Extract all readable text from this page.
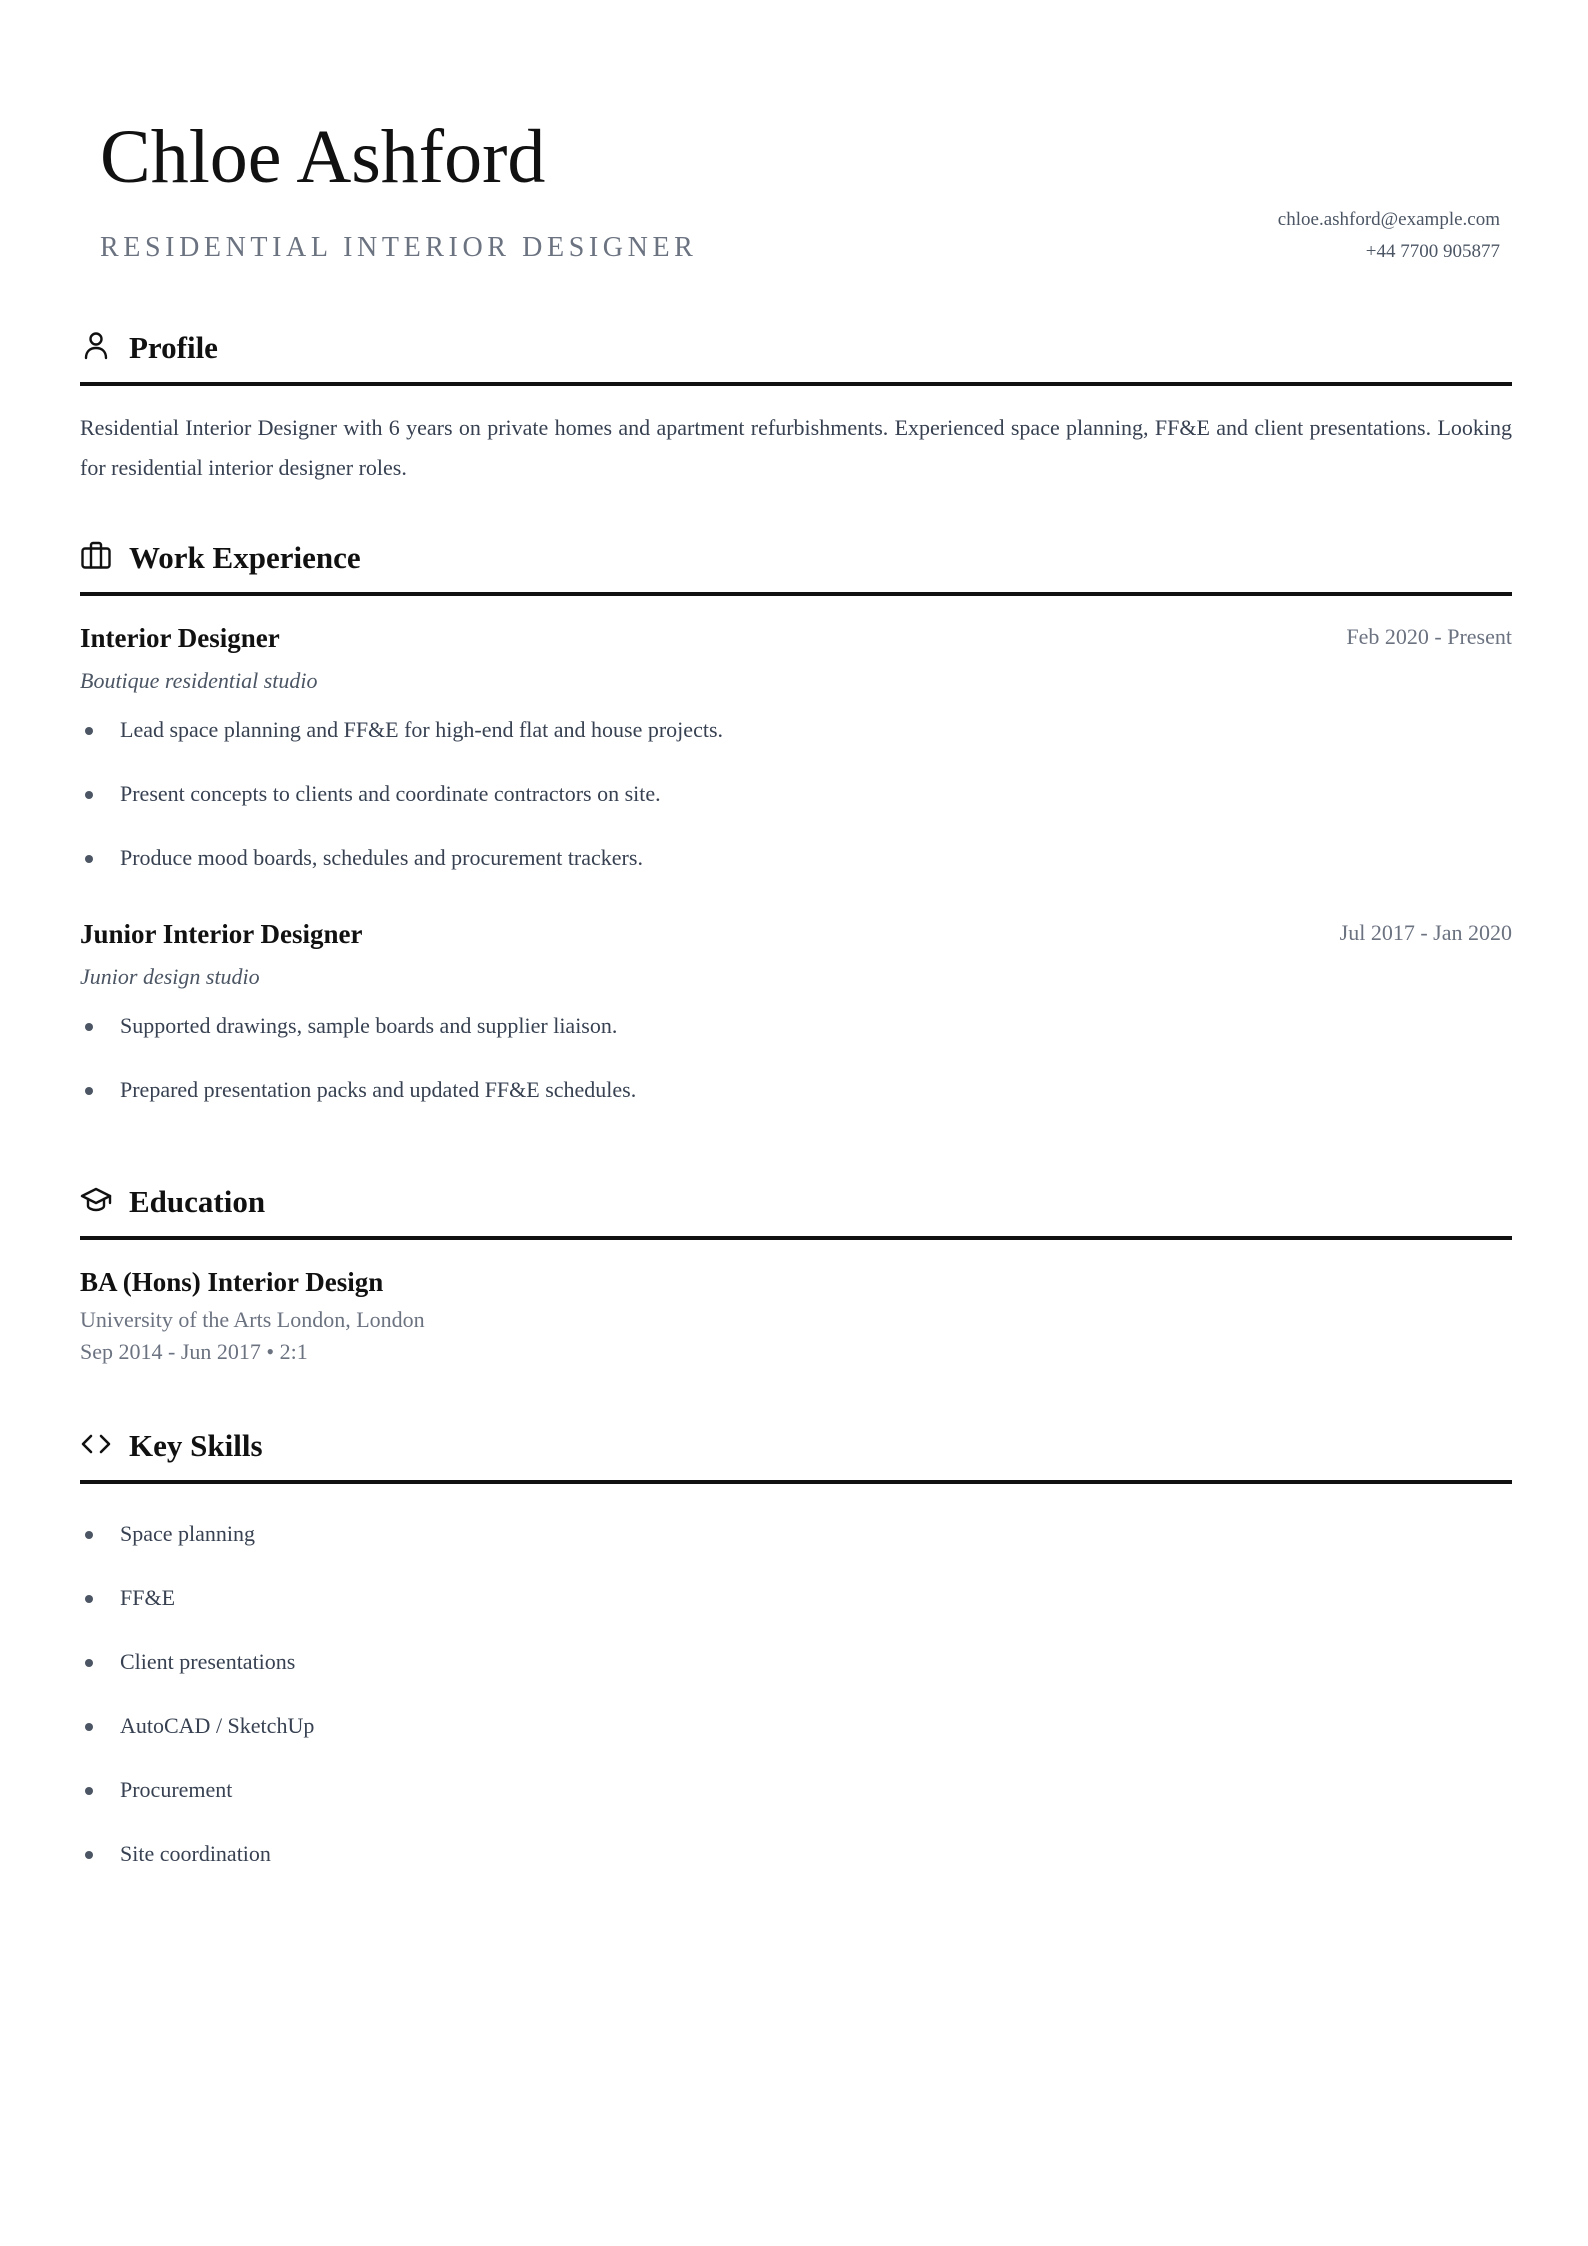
Chloe Ashford
RESIDENTIAL INTERIOR DESIGNER
chloe.ashford@example.com
+44 7700 905877
Profile
Residential Interior Designer with 6 years on private homes and apartment refurbishments. Experienced space planning, FF&E and client presentations. Looking for residential interior designer roles.
Work Experience
Interior Designer	Feb 2020 - Present
Boutique residential studio
Lead space planning and FF&E for high-end flat and house projects.
Present concepts to clients and coordinate contractors on site.
Produce mood boards, schedules and procurement trackers.
Junior Interior Designer	Jul 2017 - Jan 2020
Junior design studio
Supported drawings, sample boards and supplier liaison.
Prepared presentation packs and updated FF&E schedules.
Education
BA (Hons) Interior Design
University of the Arts London, London
Sep 2014 - Jun 2017 • 2:1
Key Skills
Space planning
FF&E
Client presentations
AutoCAD / SketchUp
Procurement
Site coordination
